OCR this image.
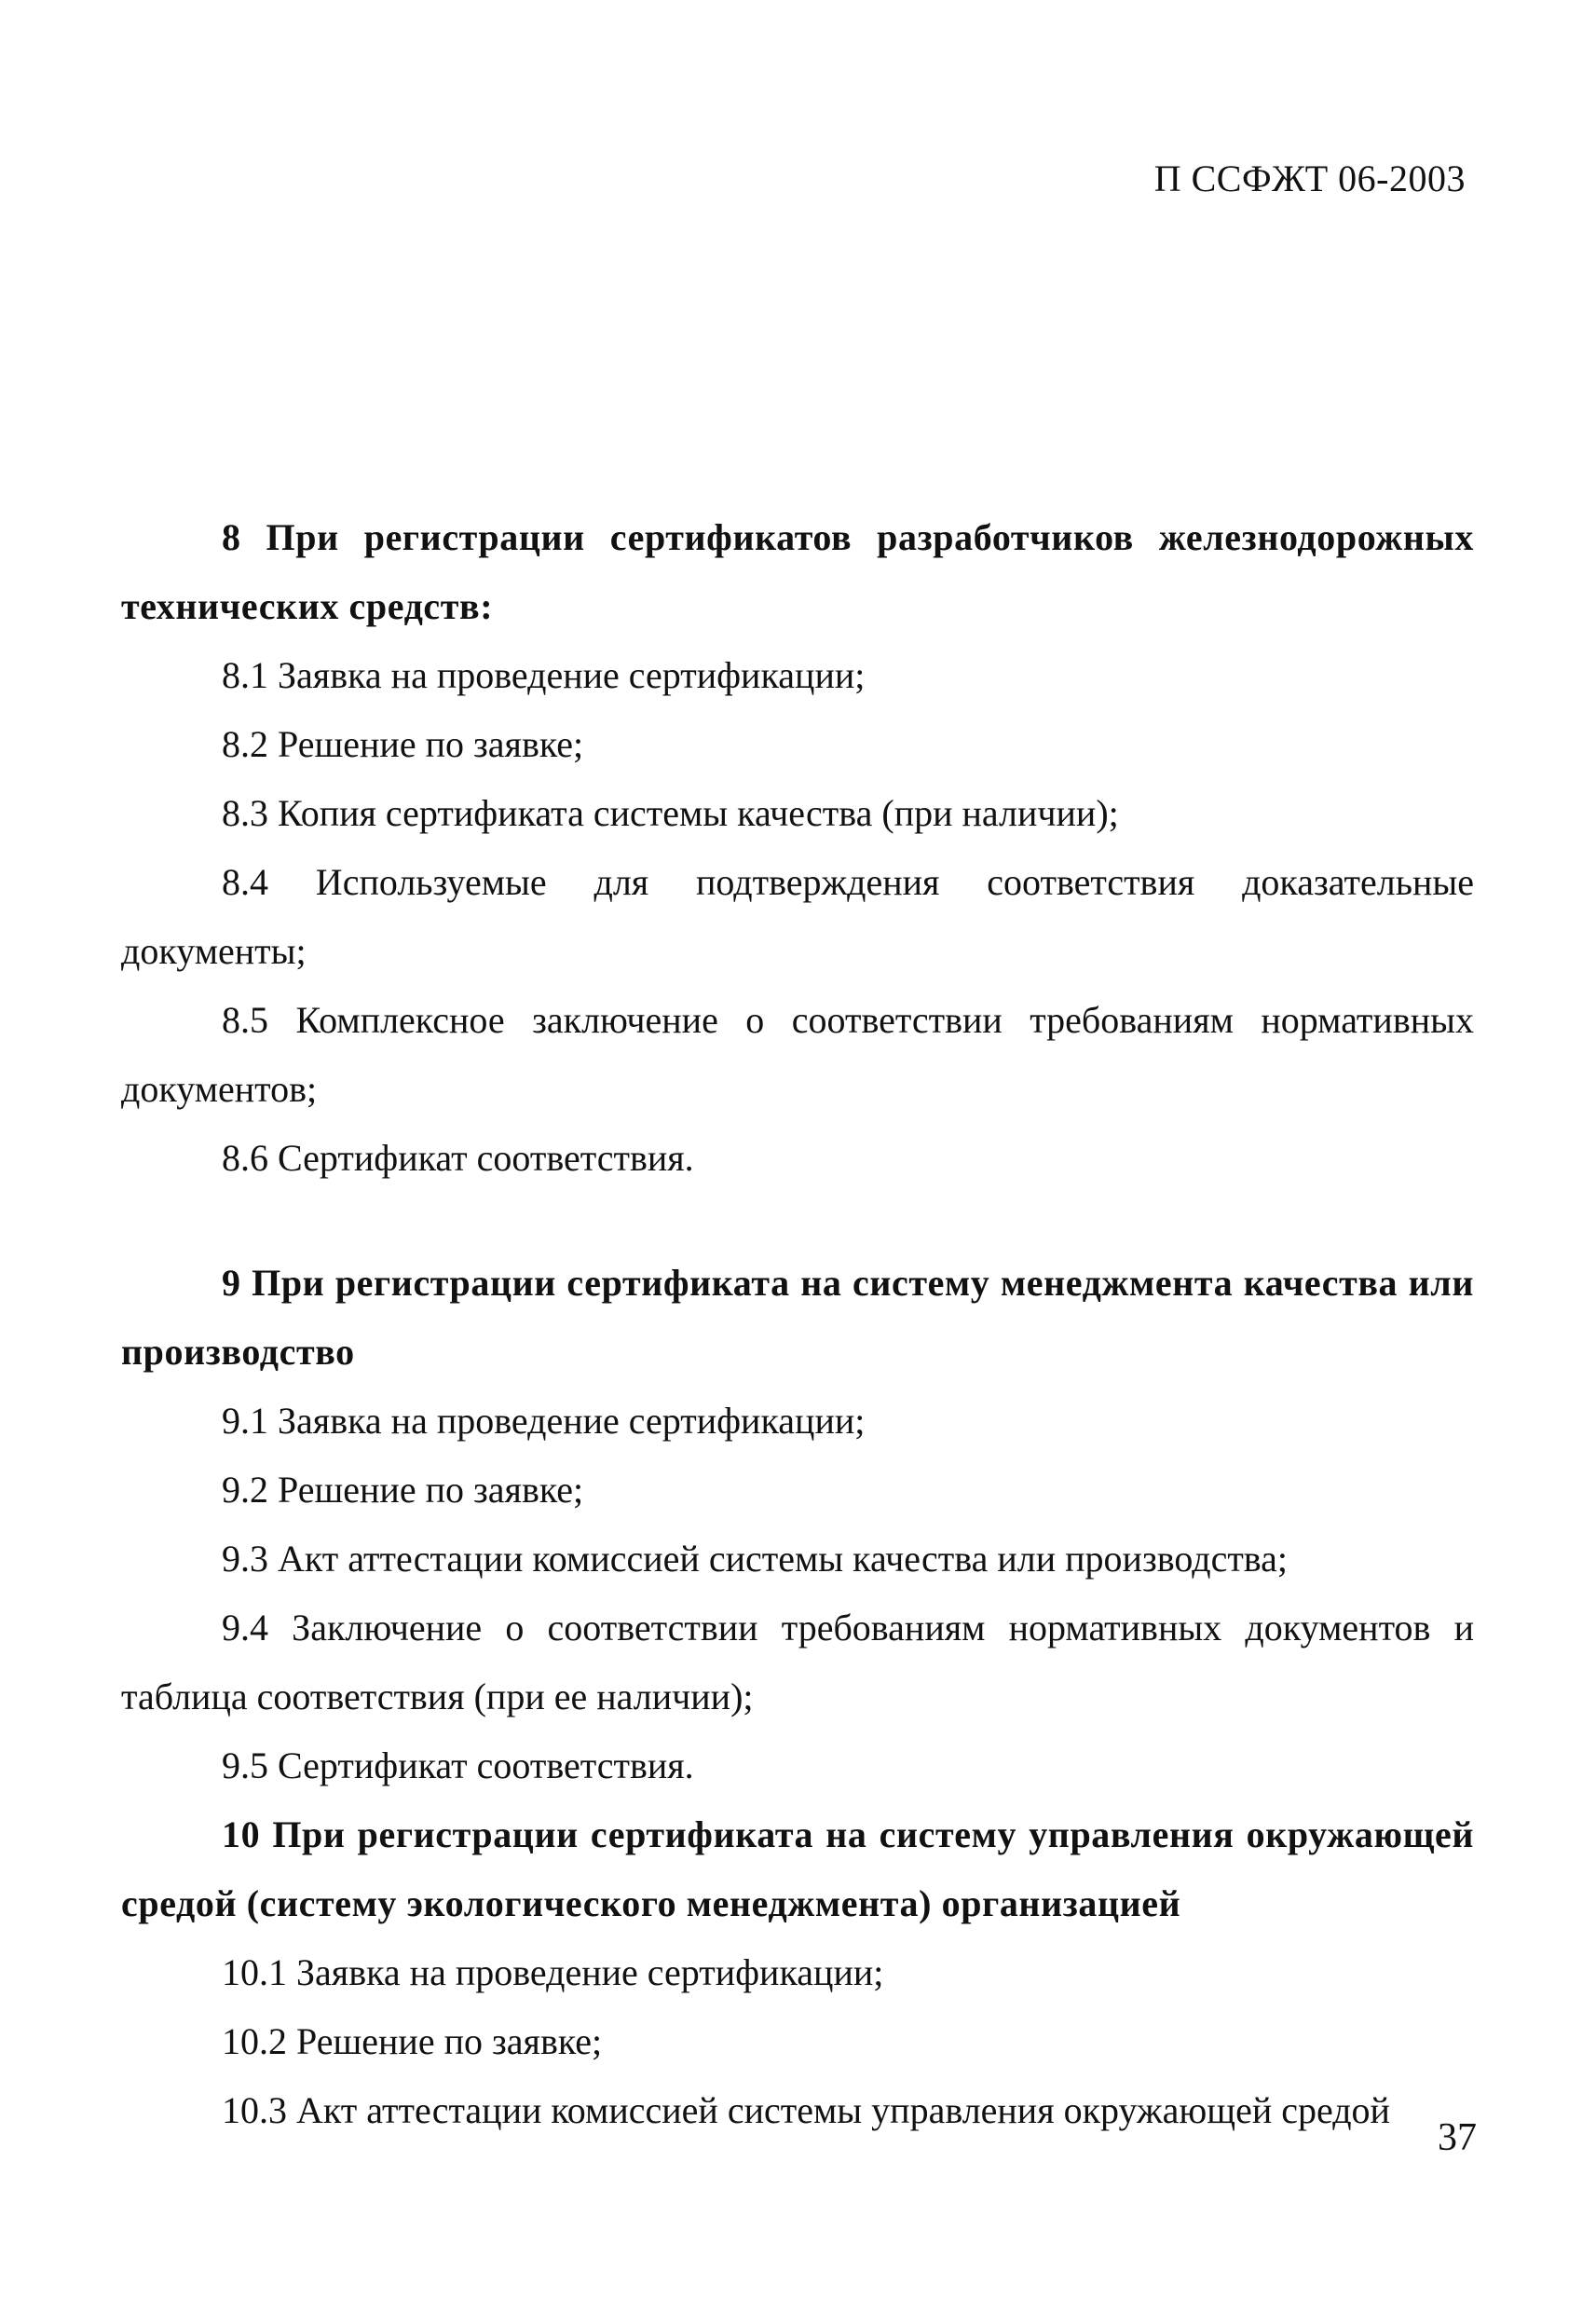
П ССФЖТ 06-2003

8 При регистрации сертификатов разработчиков железнодорожных технических средств:

8.1 Заявка на проведение сертификации;

8.2 Решение по заявке;

8.3 Копия сертификата системы качества (при наличии);

8.4 Используемые для подтверждения соответствия доказательные документы;

8.5 Комплексное заключение о соответствии требованиям нормативных документов;

8.6 Сертификат соответствия.

9 При регистрации сертификата на систему менеджмента качества или производство

9.1 Заявка на проведение сертификации;

9.2 Решение по заявке;

9.3 Акт аттестации комиссией системы качества или производства;

9.4 Заключение о соответствии требованиям нормативных документов и таблица соответствия (при ее наличии);

9.5 Сертификат соответствия.

10 При регистрации сертификата на систему управления окружающей средой (систему экологического менеджмента) организацией

10.1 Заявка на проведение сертификации;

10.2 Решение по заявке;

10.3 Акт аттестации комиссией системы управления окружающей средой

37
